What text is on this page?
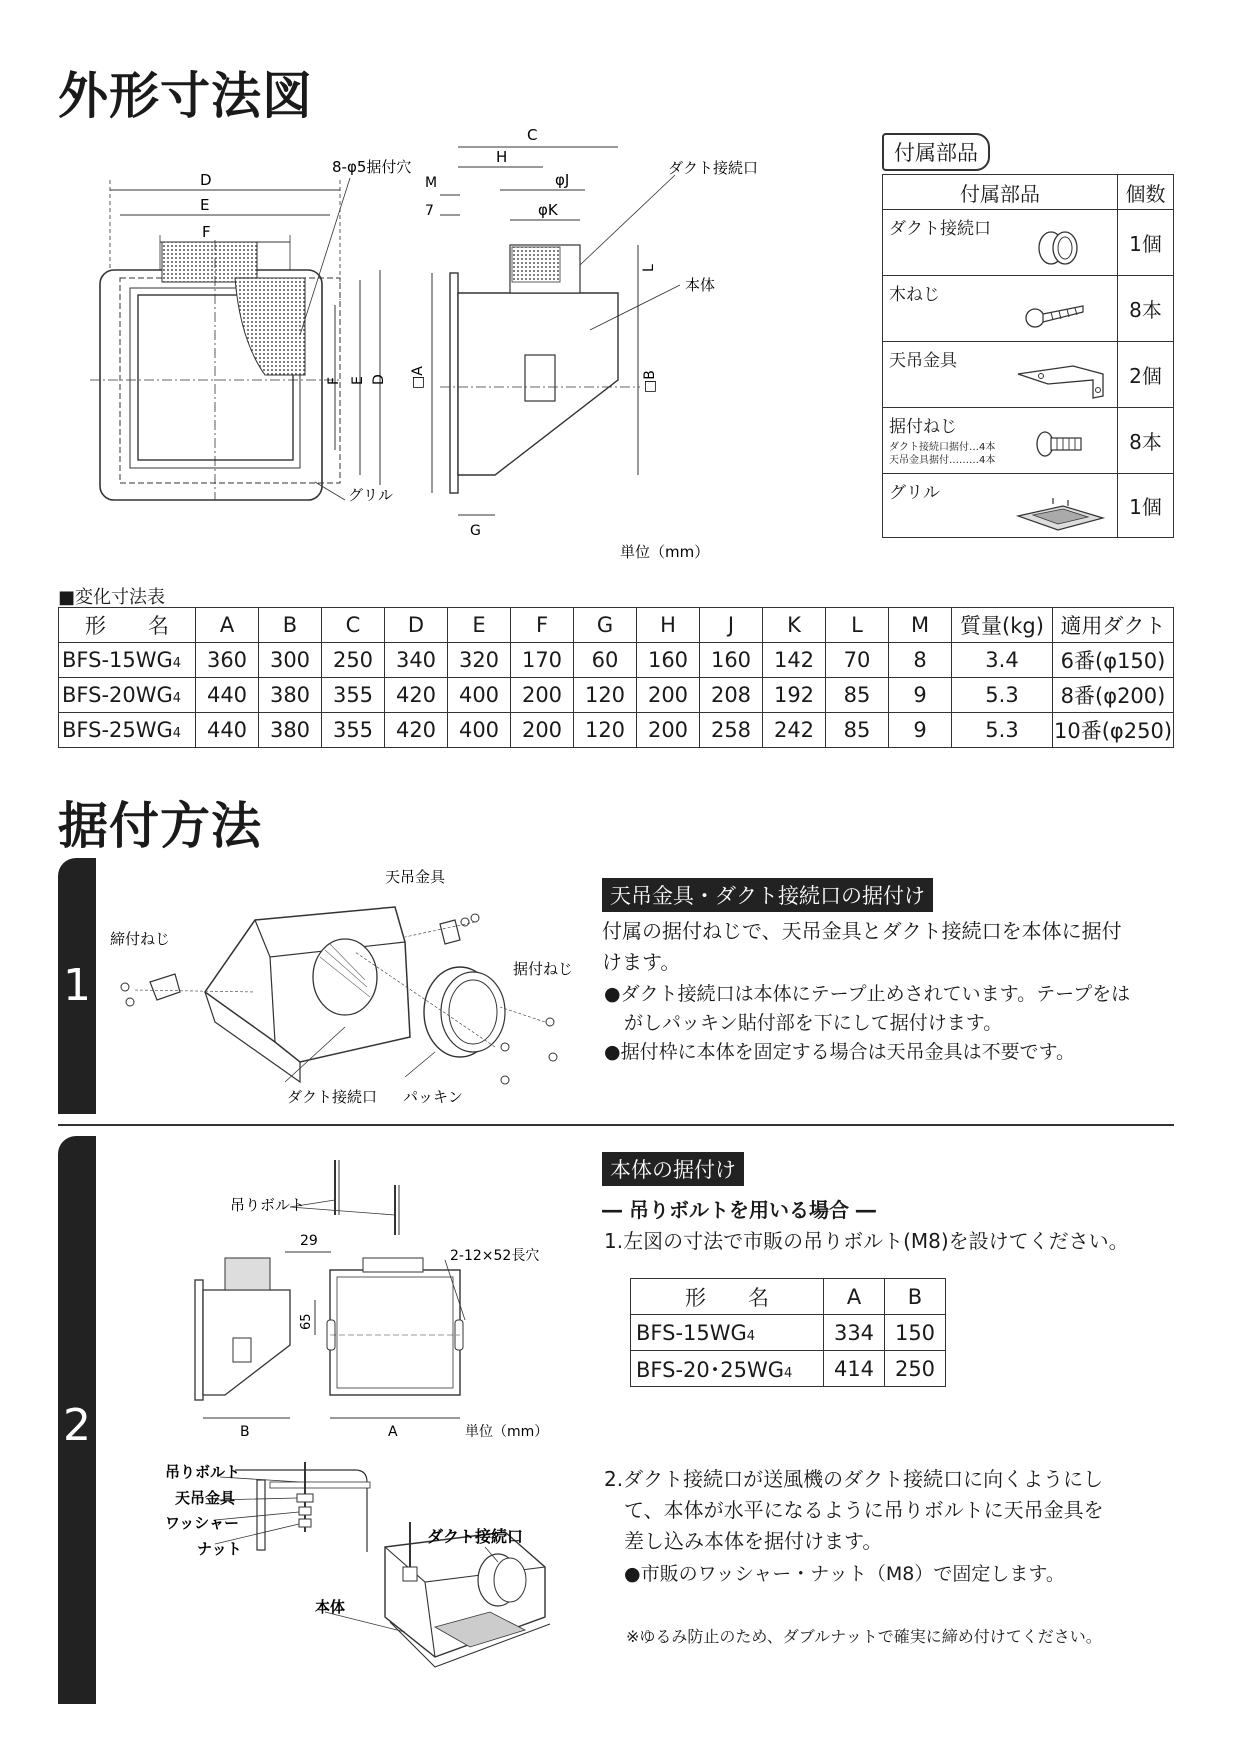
外形寸法図
D
E
F
8-φ5据付穴
グリル
F E D
C
H
M
7
φJ
φK
ダクト接続口
本体
L
□A	□B
G
単位（mm）
付属部品
付属部品	個数
ダクト接続口	1個
木ねじ	8本
天吊金具	2個
据付ねじ
ダクト接続口据付…4本
天吊金具据付………4本	8本
グリル	1個
■変化寸法表
形　　名	A	B	C	D	E	F	G	H	J	K	L	M	質量(kg)	適用ダクト
BFS-15WG4	360	300	250	340	320	170	60	160	160	142	70	8	3.4	6番(φ150)
BFS-20WG4	440	380	355	420	400	200	120	200	208	192	85	9	5.3	8番(φ200)
BFS-25WG4	440	380	355	420	400	200	120	200	258	242	85	9	5.3	10番(φ250)
据付方法
1
天吊金具
締付ねじ
据付ねじ
ダクト接続口 パッキン
天吊金具・ダクト接続口の据付け
付属の据付ねじで、天吊金具とダクト接続口を本体に据付
けます。
●ダクト接続口は本体にテープ止めされています。テープをは
がしパッキン貼付部を下にして据付けます。
●据付枠に本体を固定する場合は天吊金具は不要です。
2
吊りボルト
29
2-12×52長穴
65
B	A	単位（mm）
吊りボルト
天吊金具
ワッシャー
ナット
ダクト接続口
本体
本体の据付け
― 吊りボルトを用いる場合 ―
1.左図の寸法で市販の吊りボルト(M8)を設けてください。
形　　名	A	B
BFS-15WG4	334	150
BFS-20･25WG4	414	250
2.ダクト接続口が送風機のダクト接続口に向くようにし
て、本体が水平になるように吊りボルトに天吊金具を
差し込み本体を据付けます。
●市販のワッシャー・ナット（M8）で固定します。
※ゆるみ防止のため、ダブルナットで確実に締め付けてください。
